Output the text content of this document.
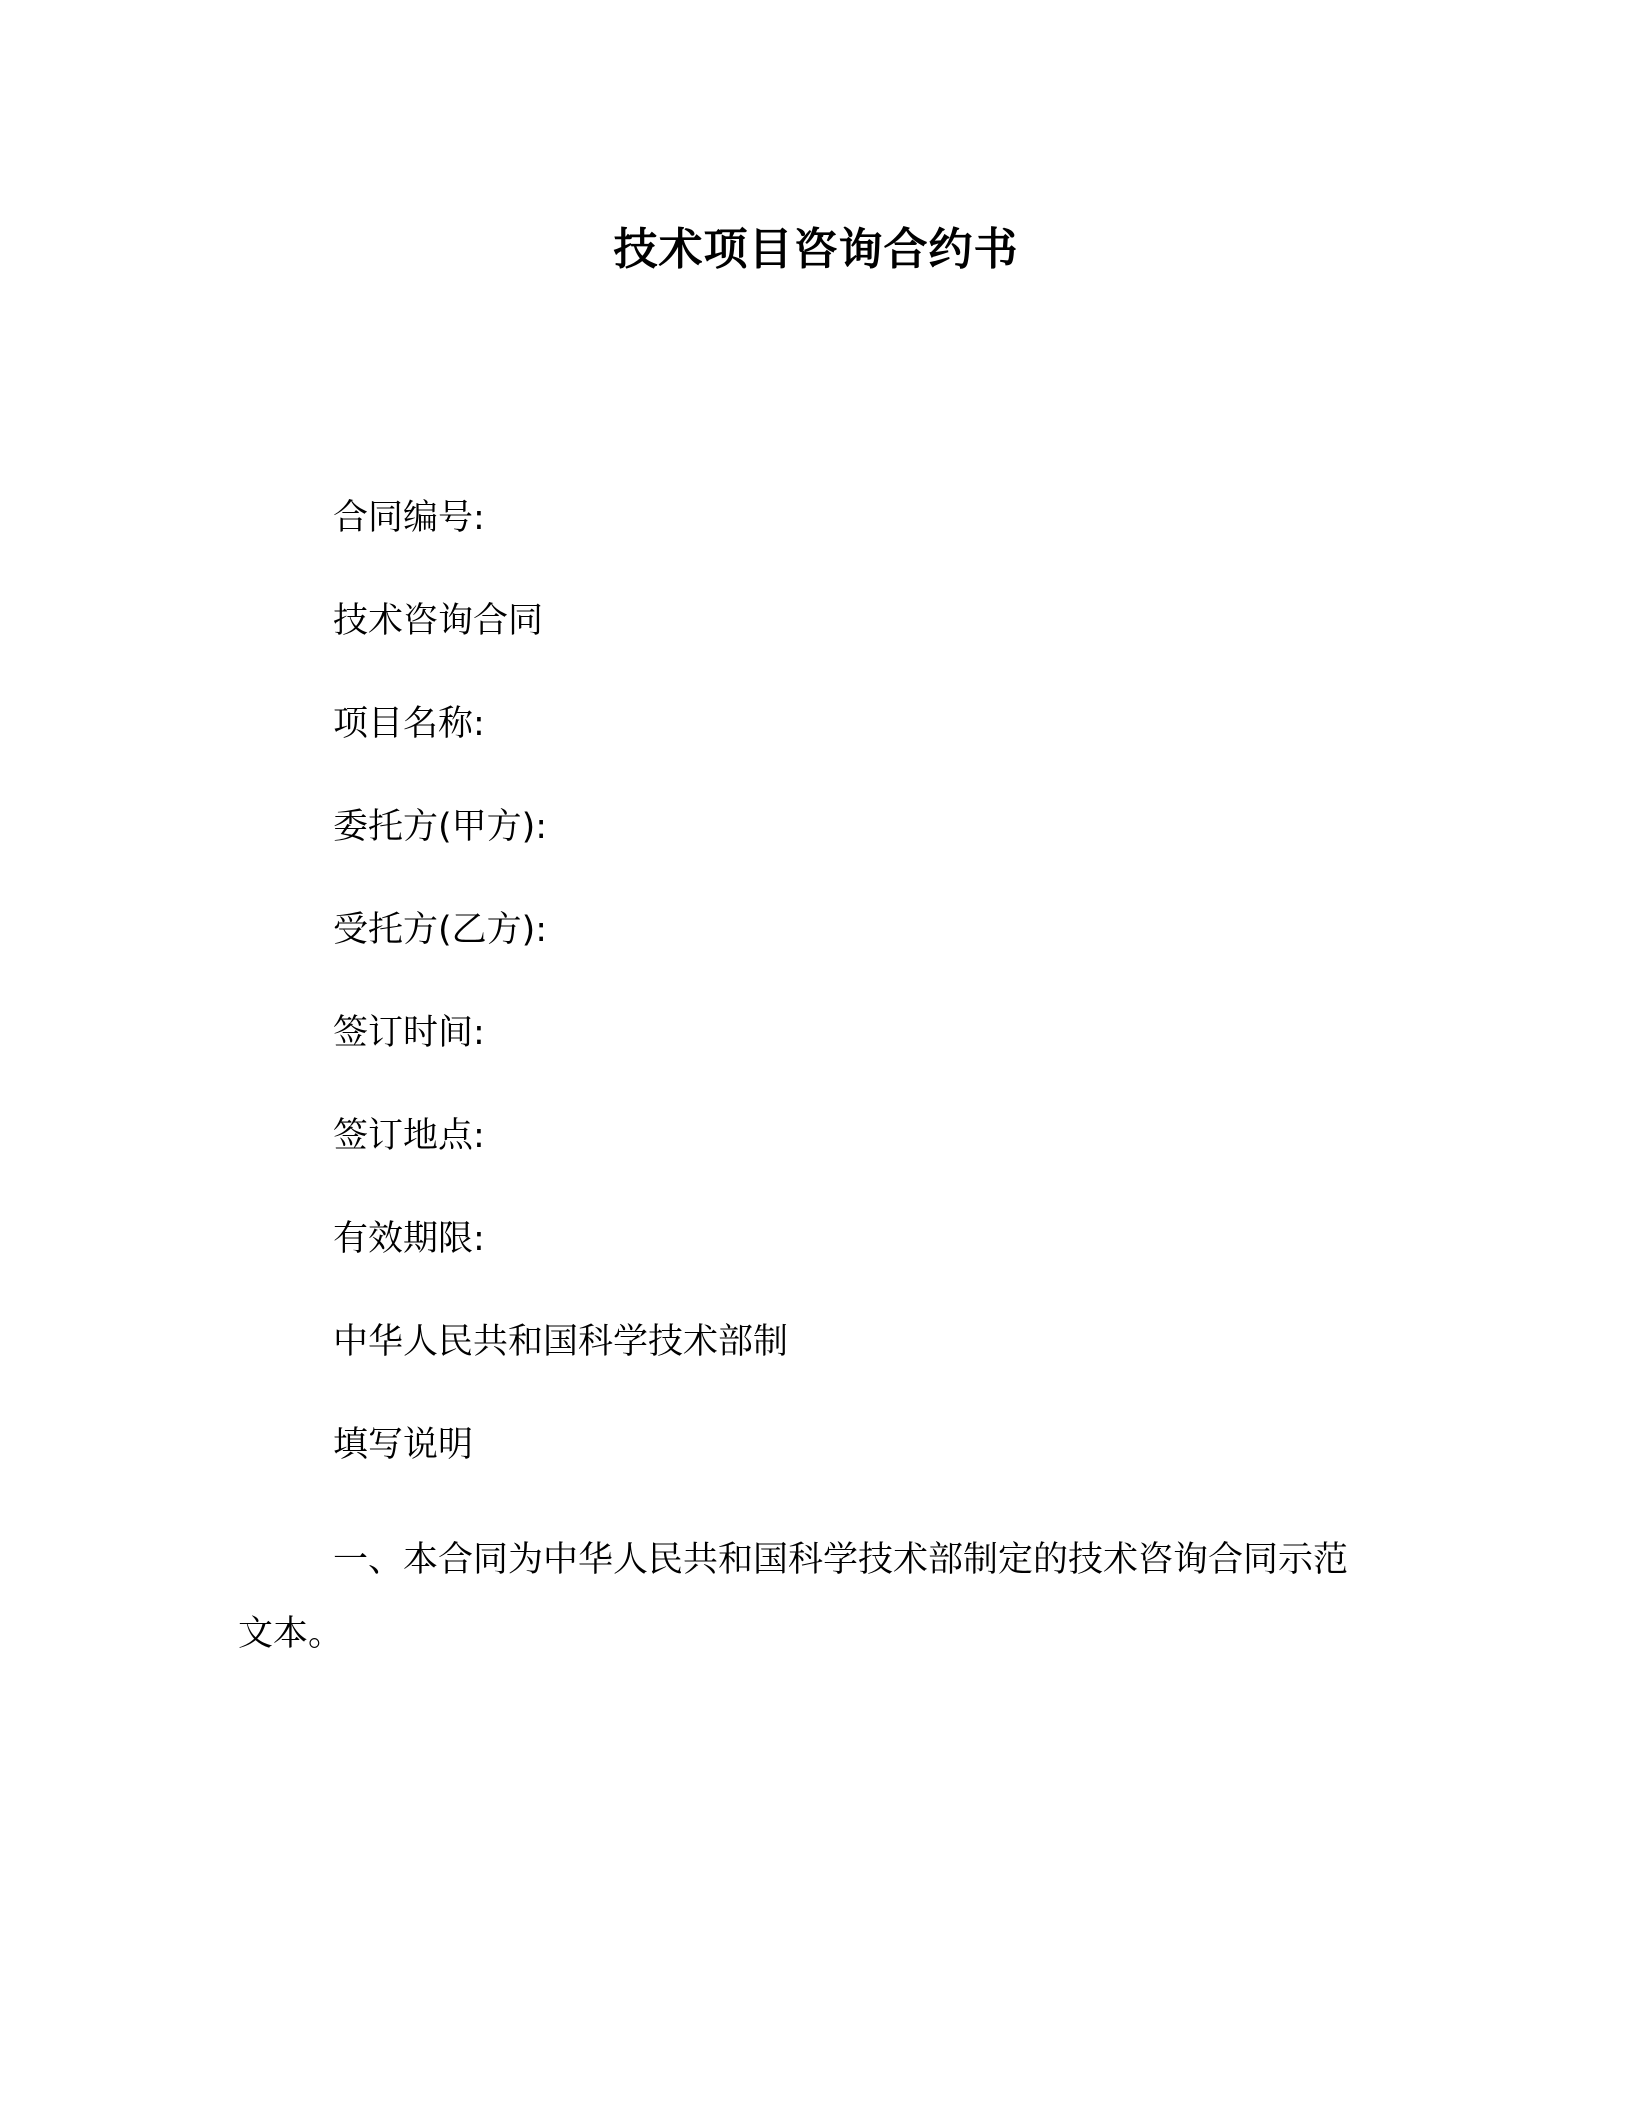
技术项目咨询合约书

合同编号:

技术咨询合同

项目名称:

委托方(甲方):

受托方(乙方):

签订时间:

签订地点:

有效期限:

中华人民共和国科学技术部制

填写说明

一、本合同为中华人民共和国科学技术部制定的技术咨询合同示范文本。
